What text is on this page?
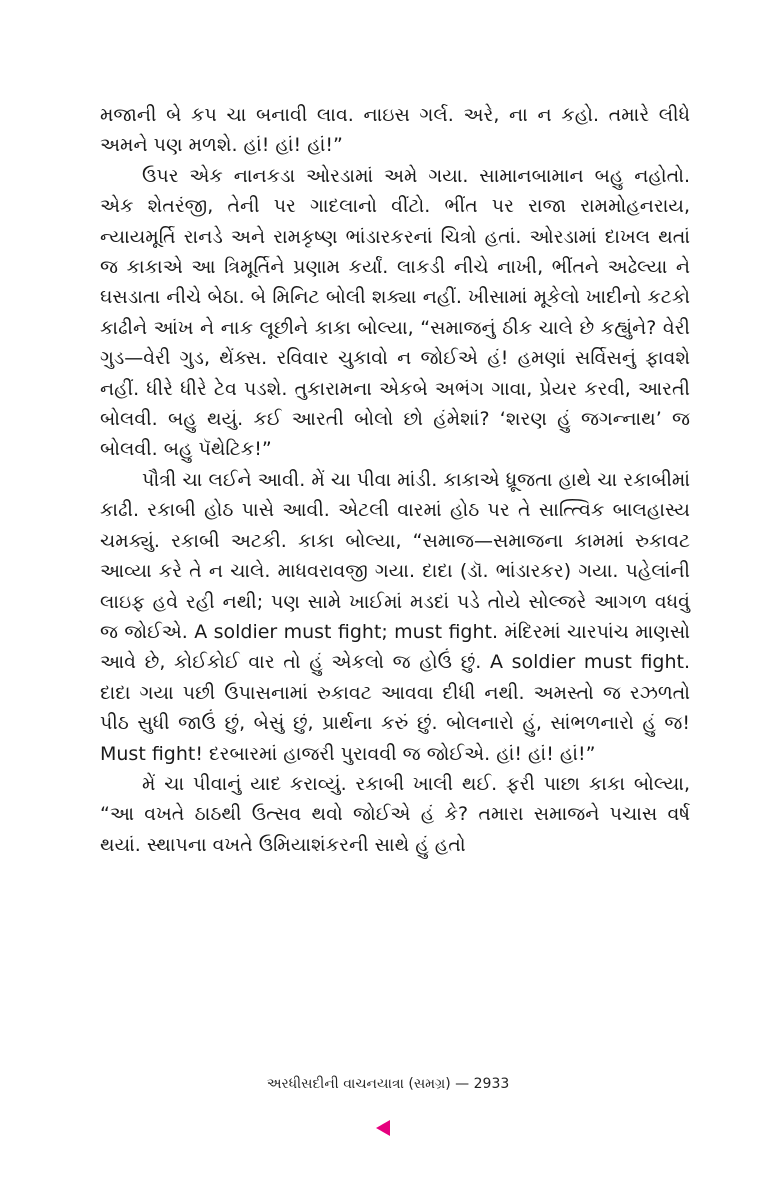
મજાની બે કપ ચા બનાવી લાવ. નાઇસ ગર્લ. અરે, ના ન કહો. તમારે લીધે અમને પણ મળશે. હાં! હાં! હાં!”

ઉપર એક નાનકડા ઓરડામાં અમે ગયા. સામાનબામાન બહુ નહોતો. એક શેતરંજી, તેની પર ગાદલાનો વીંટો. ભીંત પર રાજા રામમોહનરાય, ન્યાયમૂર્તિ રાનડે અને રામકૃષ્ણ ભાંડારકરનાં ચિત્રો હતાં. ઓરડામાં દાખલ થતાં જ કાકાએ આ ત્રિમૂર્તિને પ્રણામ કર્યાં. લાકડી નીચે નાખી, ભીંતને અઢેલ્યા ને ઘસડાતા નીચે બેઠા. બે મિનિટ બોલી શક્યા નહીં. ખીસામાં મૂકેલો ખાદીનો કટકો કાઢીને આંખ ને નાક લૂછીને કાકા બોલ્યા, “સમાજનું ઠીક ચાલે છે કહ્યુંને? વેરી ગુડ—વેરી ગુડ, થેંક્સ. રવિવાર ચુકાવો ન જોઈએ હં! હમણાં સર્વિસનું ફાવશે નહીં. ધીરે ધીરે ટેવ પડશે. તુકારામના એકબે અભંગ ગાવા, પ્રેયર કરવી, આરતી બોલવી. બહુ થયું. કઈ આરતી બોલો છો હંમેશાં? ‘શરણ હું જગન્નાથ’ જ બોલવી. બહુ પૅથેટિક!”

પૌત્રી ચા લઈને આવી. મેં ચા પીવા માંડી. કાકાએ ધ્રૂજતા હાથે ચા રકાબીમાં કાઢી. રકાબી હોઠ પાસે આવી. એટલી વારમાં હોઠ પર તે સાત્ત્વિક બાલહાસ્ય ચમક્યું. રકાબી અટકી. કાકા બોલ્યા, “સમાજ—સમાજના કામમાં રુકાવટ આવ્યા કરે તે ન ચાલે. માધવરાવજી ગયા. દાદા (ડૉ. ભાંડારકર) ગયા. પહેલાંની લાઇફ હવે રહી નથી; પણ સામે ખાઈમાં મડદાં પડે તોયે સોલ્જરે આગળ વધવું જ જોઈએ. A soldier must fight; must fight. મંદિરમાં ચારપાંચ માણસો આવે છે, કોઈકોઈ વાર તો હું એકલો જ હોઉં છું. A soldier must fight. દાદા ગયા પછી ઉપાસનામાં રુકાવટ આવવા દીધી નથી. અમસ્તો જ રઝળતો પીઠ સુધી જાઉં છું, બેસું છું, પ્રાર્થના કરું છું. બોલનારો હું, સાંભળનારો હું જ! Must fight! દરબારમાં હાજરી પુરાવવી જ જોઈએ. હાં! હાં! હાં!”

મેં ચા પીવાનું યાદ કરાવ્યું. રકાબી ખાલી થઈ. ફરી પાછા કાકા બોલ્યા, “આ વખતે ઠાઠથી ઉત્સવ થવો જોઈએ હં કે? તમારા સમાજને પચાસ વર્ષ થયાં. સ્થાપના વખતે ઉમિયાશંકરની સાથે હું હતો

અરધીસદીની વાચનયાત્રા (સમગ્ર) — 2933
